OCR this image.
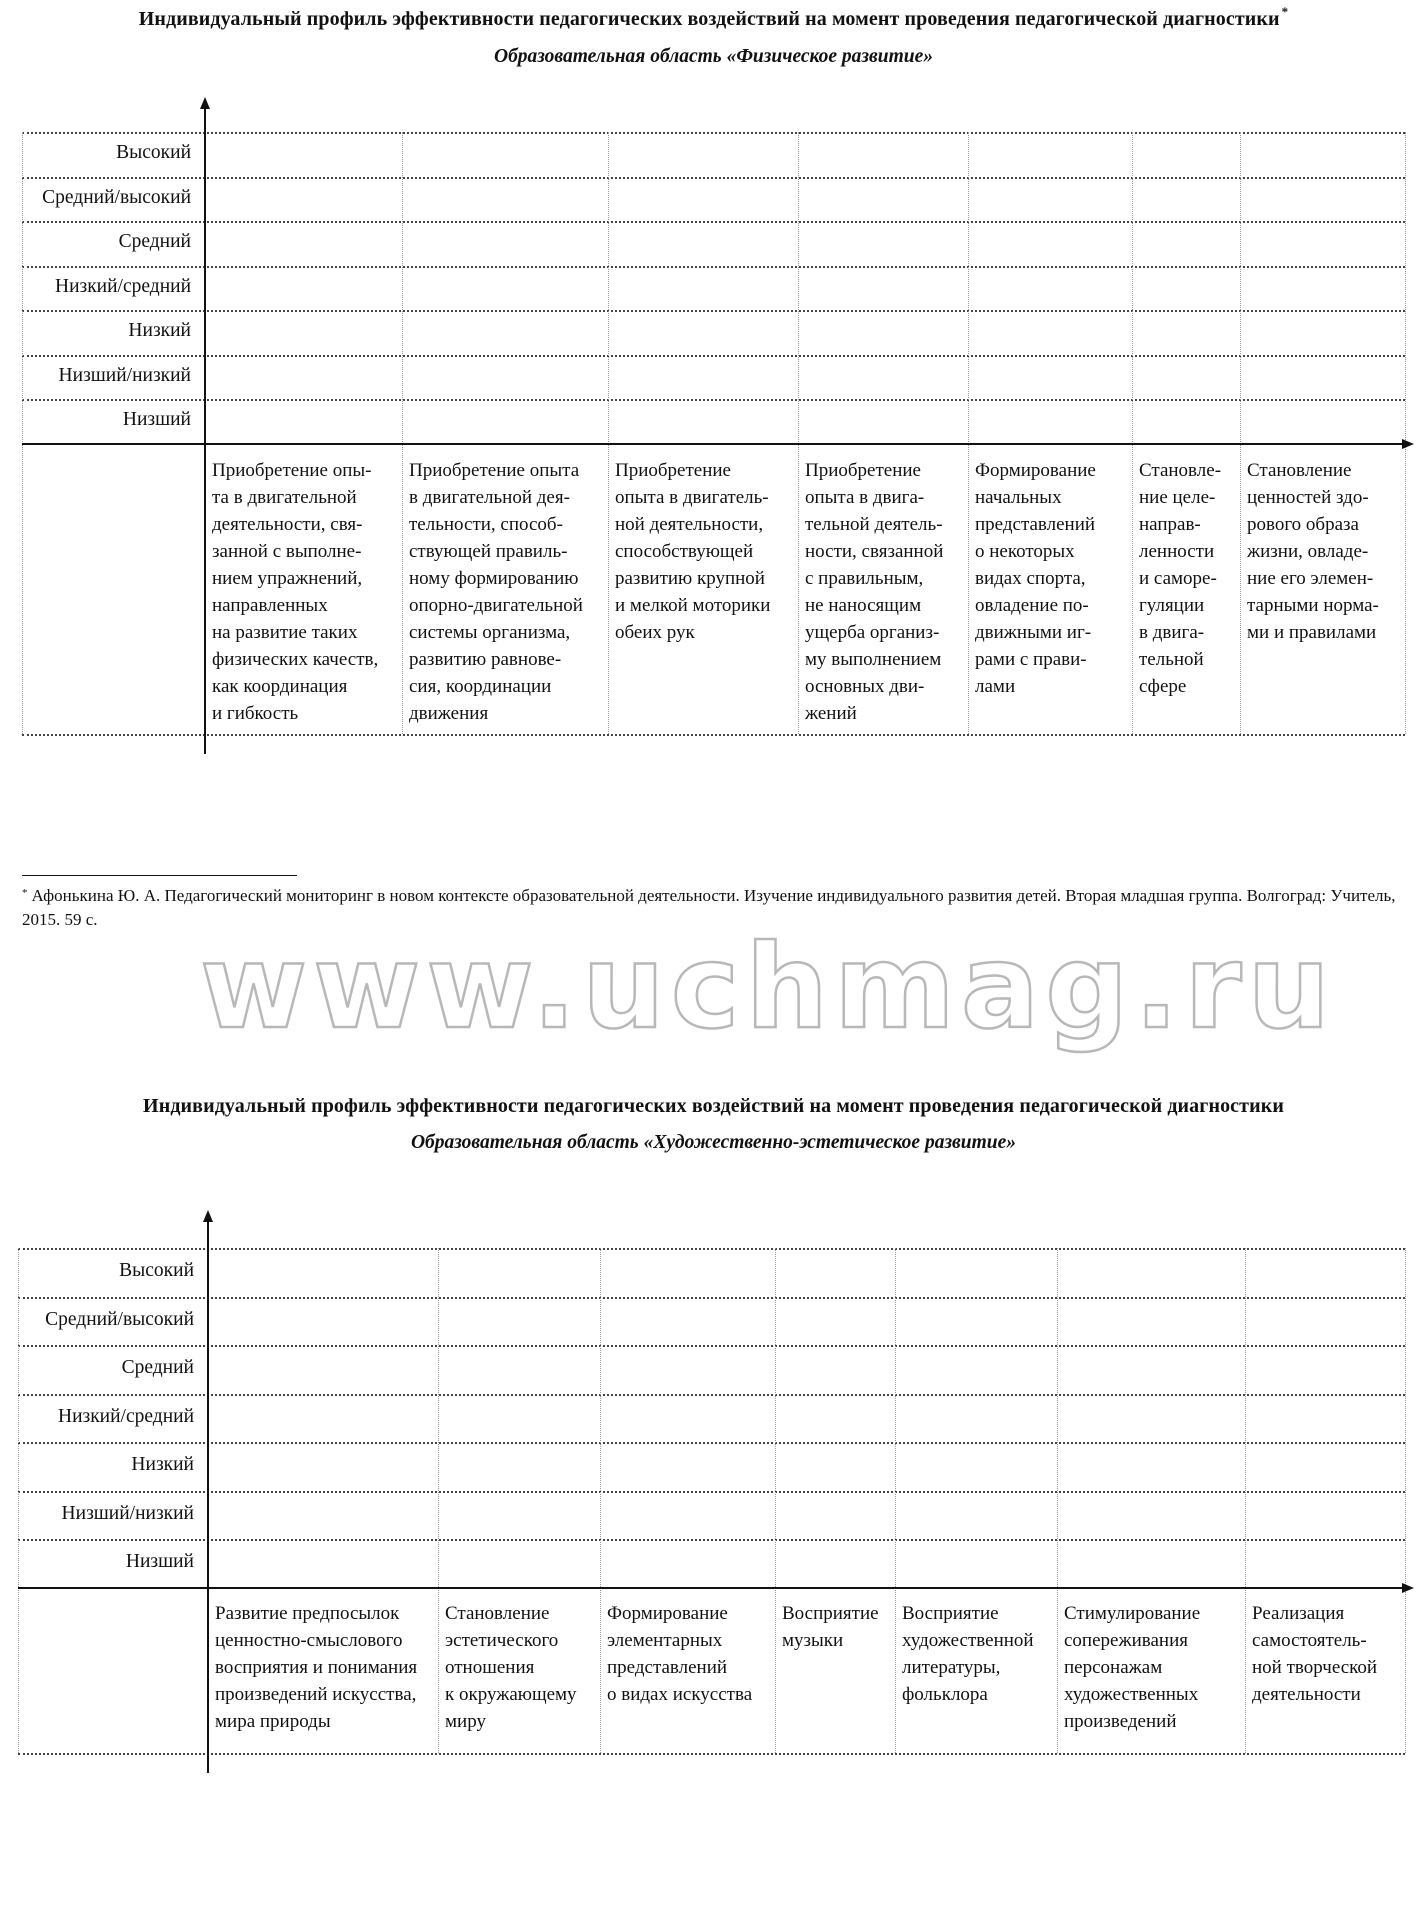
Индивидуальный профиль эффективности педагогических воздействий на момент проведения педагогической диагностики *
Образовательная область «Физическое развитие»
Высокий
Средний/высокий
Средний
Низкий/средний
Низкий
Низший/низкий
Низший
Приобретение опы-
та в двигательной
деятельности, свя-
занной с выполне-
нием упражнений,
направленных
на развитие таких
физических качеств,
как координация
и гибкость
Приобретение опыта
в двигательной дея-
тельности, способ-
ствующей правиль-
ному формированию
опорно-двигательной
системы организма,
развитию равнове-
сия, координации
движения
Приобретение
опыта в двигатель-
ной деятельности,
способствующей
развитию крупной
и мелкой моторики
обеих рук
Приобретение
опыта в двига-
тельной деятель-
ности, связанной
с правильным,
не наносящим
ущерба организ-
му выполнением
основных дви-
жений
Формирование
начальных
представлений
о некоторых
видах спорта,
овладение по-
движными иг-
рами с прави-
лами
Становле-
ние целе-
направ-
ленности
и саморе-
гуляции
в двига-
тельной
сфере
Становление
ценностей здо-
рового образа
жизни, овладе-
ние его элемен-
тарными норма-
ми и правилами
* Афонькина Ю. А. Педагогический мониторинг в новом контексте образовательной деятельности. Изучение индивидуального развития детей. Вторая младшая группа. Волгоград: Учитель, 2015. 59 с.
www.uchmag.ru
Индивидуальный профиль эффективности педагогических воздействий на момент проведения педагогической диагностики
Образовательная область «Художественно-эстетическое развитие»
Высокий
Средний/высокий
Средний
Низкий/средний
Низкий
Низший/низкий
Низший
Развитие предпосылок
ценностно-смыслового
восприятия и понимания
произведений искусства,
мира природы
Становление
эстетического
отношения
к окружающему
миру
Формирование
элементарных
представлений
о видах искусства
Восприятие
музыки
Восприятие
художественной
литературы,
фольклора
Стимулирование
сопереживания
персонажам
художественных
произведений
Реализация
самостоятель-
ной творческой
деятельности
